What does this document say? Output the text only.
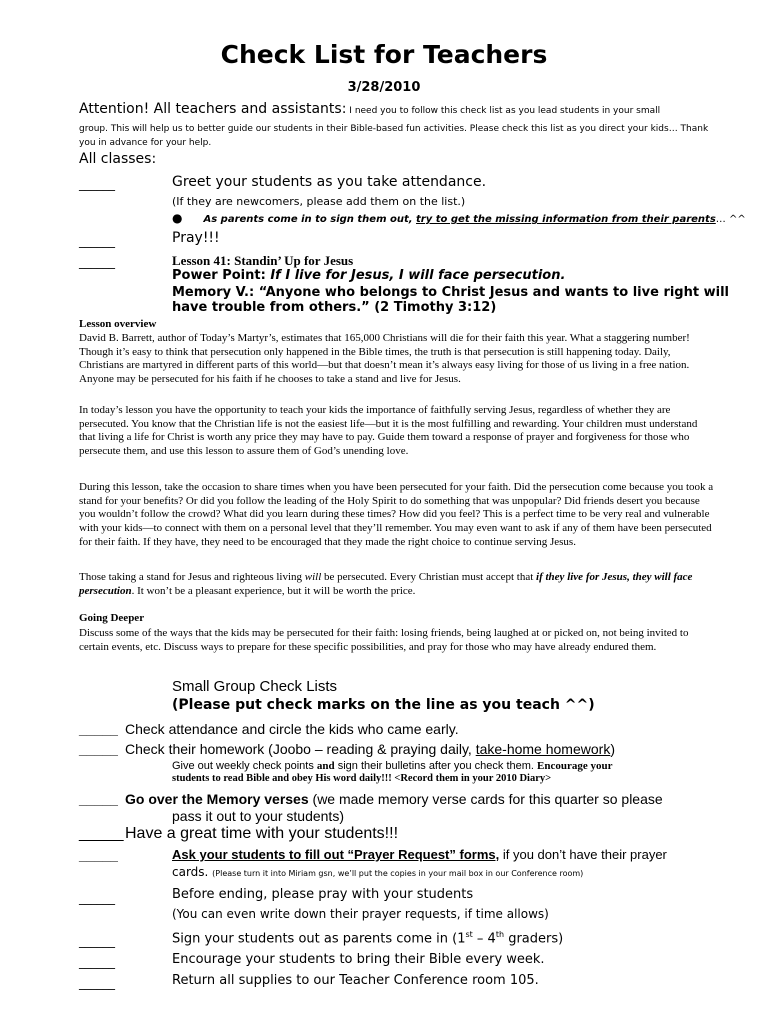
Check List for Teachers
3/28/2010
Attention! All teachers and assistants: I need you to follow this check list as you lead students in your small
group. This will help us to better guide our students in their Bible-based fun activities. Please check this list as you direct your kids… Thank you in advance for your help.
All classes:
______	Greet your students as you take attendance.
(If they are newcomers, please add them on the list.)
● As parents come in to sign them out, try to get the missing information from their parents… ^^
______	Pray!!!
______	Lesson 41: Standin’ Up for Jesus
Power Point: If I live for Jesus, I will face persecution.
Memory V.: “Anyone who belongs to Christ Jesus and wants to live right will have trouble from others.” (2 Timothy 3:12)
Lesson overview
David B. Barrett, author of Today’s Martyr’s, estimates that 165,000 Christians will die for their faith this year. What a staggering number! Though it’s easy to think that persecution only happened in the Bible times, the truth is that persecution is still happening today. Daily, Christians are martyred in different parts of this world—but that doesn’t mean it’s always easy living for those of us living in a free nation. Anyone may be persecuted for his faith if he chooses to take a stand and live for Jesus.
In today’s lesson you have the opportunity to teach your kids the importance of faithfully serving Jesus, regardless of whether they are persecuted. You know that the Christian life is not the easiest life—but it is the most fulfilling and rewarding. Your children must understand that living a life for Christ is worth any price they may have to pay. Guide them toward a response of prayer and forgiveness for those who persecute them, and use this lesson to assure them of God’s unending love.
During this lesson, take the occasion to share times when you have been persecuted for your faith. Did the persecution come because you took a stand for your benefits? Or did you follow the leading of the Holy Spirit to do something that was unpopular? Did friends desert you because you wouldn’t follow the crowd? What did you learn during these times? How did you feel? This is a perfect time to be very real and vulnerable with your kids—to connect with them on a personal level that they’ll remember. You may even want to ask if any of them have been persecuted for their faith. If they have, they need to be encouraged that they made the right choice to continue serving Jesus.
Those taking a stand for Jesus and righteous living will be persecuted. Every Christian must accept that if they live for Jesus, they will face persecution. It won’t be a pleasant experience, but it will be worth the price.
Going Deeper
Discuss some of the ways that the kids may be persecuted for their faith: losing friends, being laughed at or picked on, not being invited to certain events, etc. Discuss ways to prepare for these specific possibilities, and pray for those who may have already endured them.
Small Group Check Lists
(Please put check marks on the line as you teach ^^)
_____ Check attendance and circle the kids who came early.
_____ Check their homework (Joobo – reading & praying daily, take-home homework)
Give out weekly check points and sign their bulletins after you check them. Encourage your
students to read Bible and obey His word daily!!! <Record them in your 2010 Diary>
_____ Go over the Memory verses (we made memory verse cards for this quarter so please
pass it out to your students)
_____ Have a great time with your students!!!
_____	Ask your students to fill out “Prayer Request” forms, if you don’t have their prayer
cards. (Please turn it into Miriam gsn, we’ll put the copies in your mail box in our Conference room)
______	Before ending, please pray with your students
(You can even write down their prayer requests, if time allows)
______	Sign your students out as parents come in (1st – 4th graders)
______	Encourage your students to bring their Bible every week.
______	Return all supplies to our Teacher Conference room 105.
